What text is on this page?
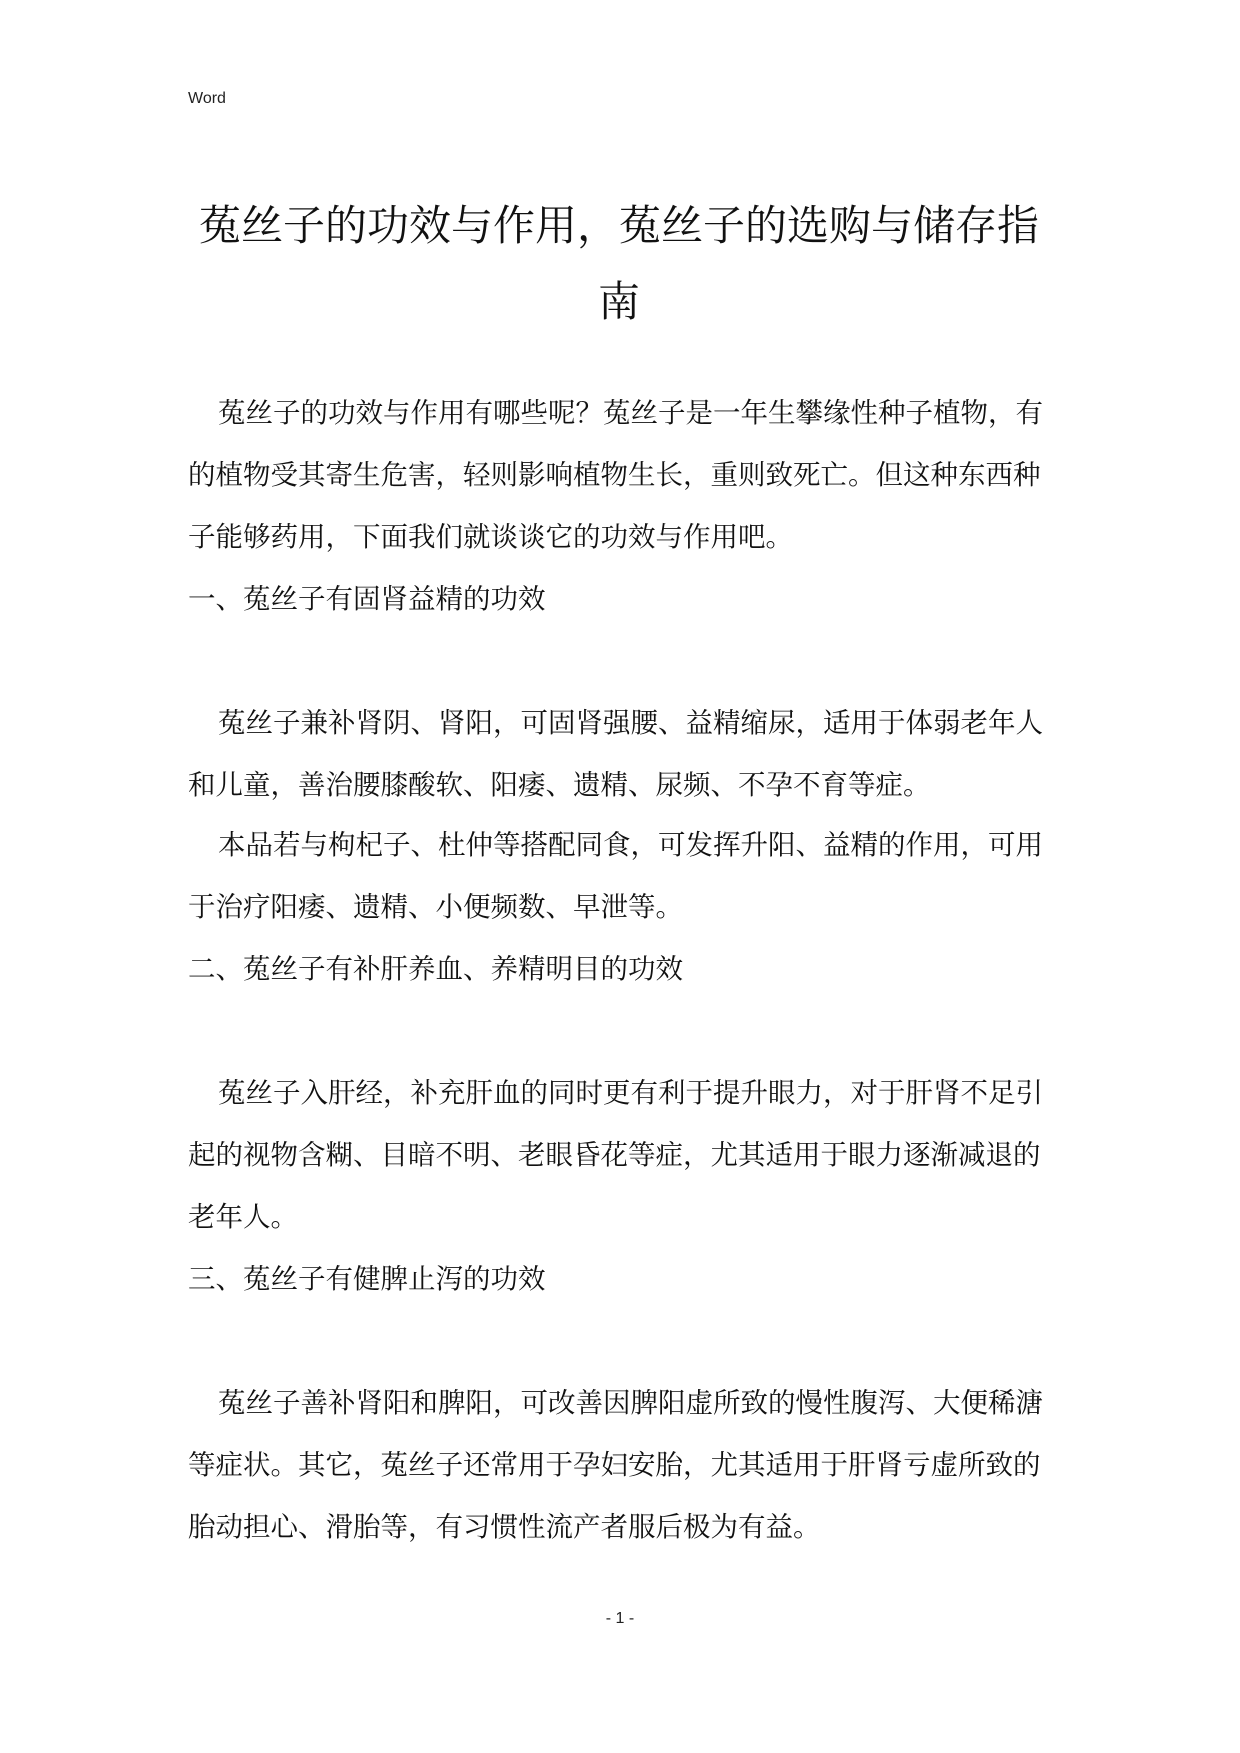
Word
菟丝子的功效与作用，菟丝子的选购与储存指南

菟丝子的功效与作用有哪些呢？菟丝子是一年生攀缘性种子植物，有的植物受其寄生危害，轻则影响植物生长，重则致死亡。但这种东西种子能够药用，下面我们就谈谈它的功效与作用吧。

一、菟丝子有固肾益精的功效

菟丝子兼补肾阴、肾阳，可固肾强腰、益精缩尿，适用于体弱老年人和儿童，善治腰膝酸软、阳痿、遗精、尿频、不孕不育等症。

本品若与枸杞子、杜仲等搭配同食，可发挥升阳、益精的作用，可用于治疗阳痿、遗精、小便频数、早泄等。

二、菟丝子有补肝养血、养精明目的功效

菟丝子入肝经，补充肝血的同时更有利于提升眼力，对于肝肾不足引起的视物含糊、目暗不明、老眼昏花等症，尤其适用于眼力逐渐减退的老年人。

三、菟丝子有健脾止泻的功效

菟丝子善补肾阳和脾阳，可改善因脾阳虚所致的慢性腹泻、大便稀溏等症状。其它，菟丝子还常用于孕妇安胎，尤其适用于肝肾亏虚所致的胎动担心、滑胎等，有习惯性流产者服后极为有益。

- 1 -
